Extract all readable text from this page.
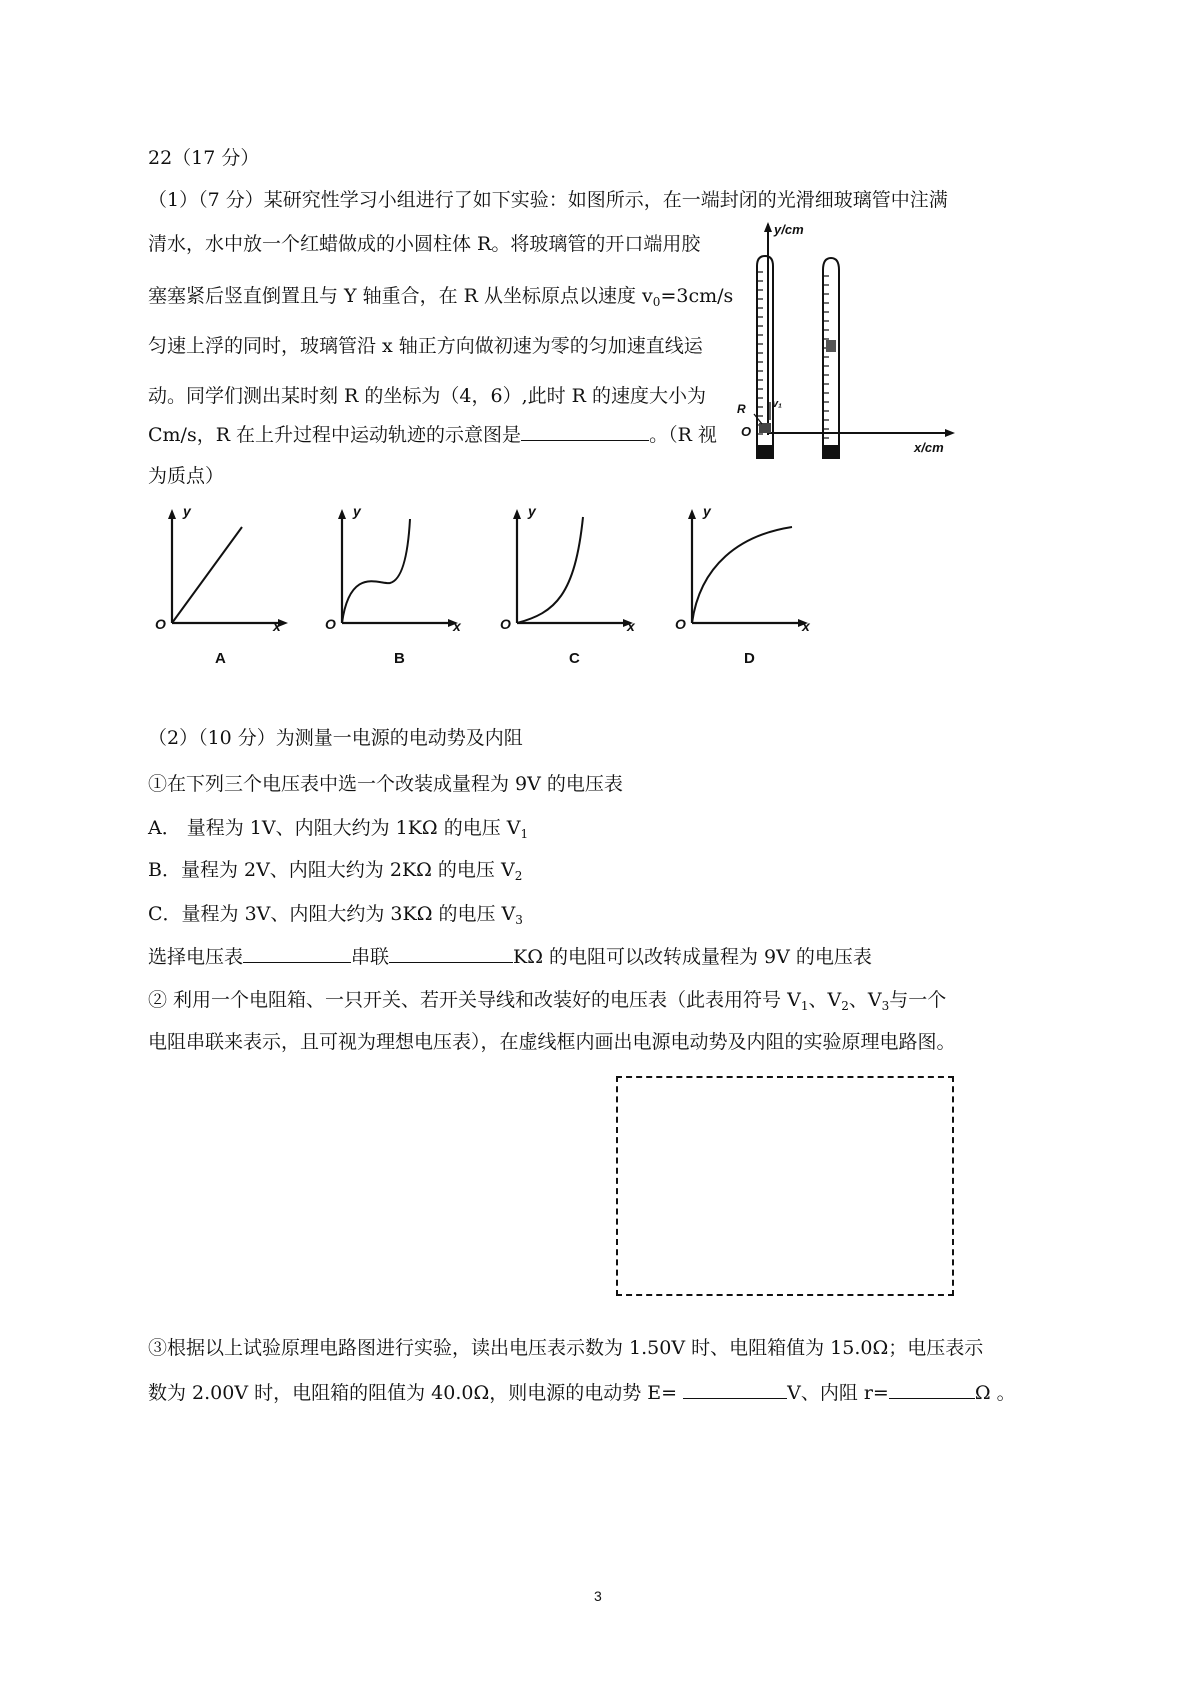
22（17 分）
（1）（7 分）某研究性学习小组进行了如下实验：如图所示，在一端封闭的光滑细玻璃管中注满
清水，水中放一个红蜡做成的小圆柱体 R。将玻璃管的开口端用胶
塞塞紧后竖直倒置且与 Y 轴重合，在 R 从坐标原点以速度 $v_0=3cm/s$
匀速上浮的同时，玻璃管沿 x 轴正方向做初速为零的匀加速直线运
动。同学们测出某时刻 R 的坐标为（4，6）,此时 R 的速度大小为
Cm/s，R 在上升过程中运动轨迹的示意图是	。（R 视
为质点）
y/cm
x/cm
O
R v₁
y
O	x
A
y
O	x
B
y
O	x
C
y
O	x
D
（2）（10 分）为测量一电源的电动势及内阻
①在下列三个电压表中选一个改装成量程为 9V 的电压表
A． 量程为 1V、内阻大约为 1KΩ 的电压 $V_1$
B．量程为 2V、内阻大约为 2KΩ 的电压 $V_2$
C．量程为 3V、内阻大约为 3KΩ 的电压 $V_3$
选择电压表	串联	KΩ 的电阻可以改转成量程为 9V 的电压表
② 利用一个电阻箱、一只开关、若开关导线和改装好的电压表（此表用符号 $V_1$、$V_2$、$V_3$与一个
电阻串联来表示，且可视为理想电压表），在虚线框内画出电源电动势及内阻的实验原理电路图。
③根据以上试验原理电路图进行实验，读出电压表示数为 1.50V 时、电阻箱值为 15.0Ω；电压表示
数为 2.00V 时，电阻箱的阻值为 40.0Ω，则电源的电动势 E=	V、内阻 r=	Ω 。
3
